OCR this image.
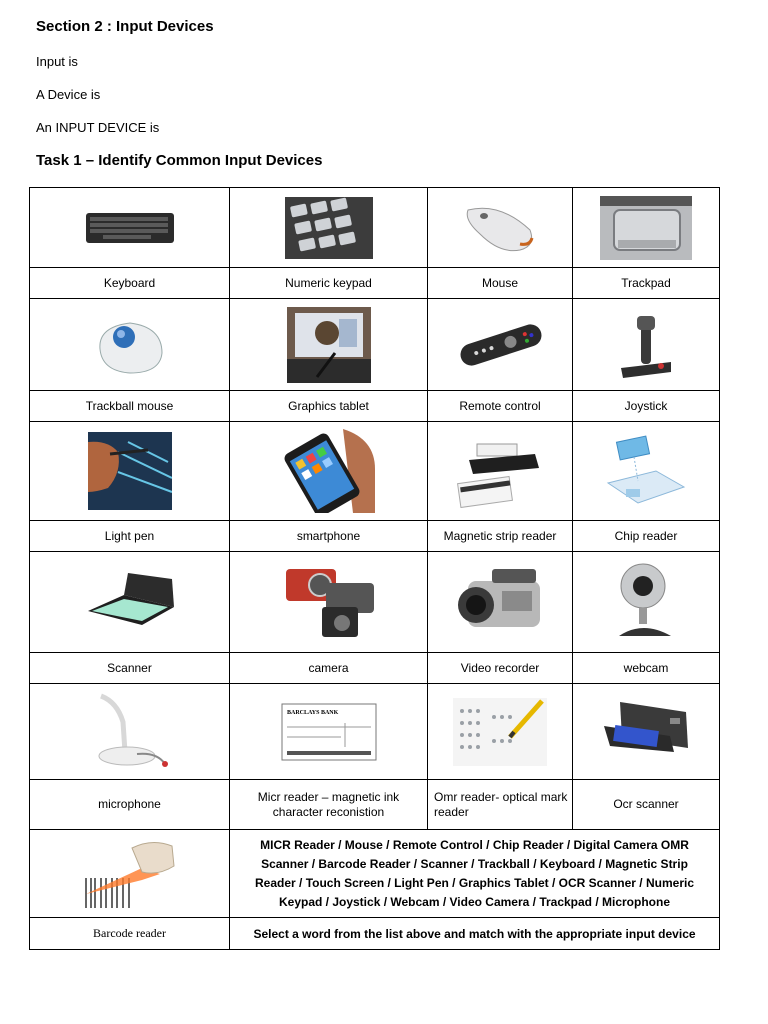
Section 2 : Input Devices
Input is
A Device is
An INPUT DEVICE is
Task 1 – Identify Common Input Devices

Keyboard	Numeric keypad	Mouse	Trackpad

Trackball mouse	Graphics tablet	Remote control	Joystick

Light pen	smartphone	Magnetic strip reader	Chip reader

Scanner	camera	Video recorder	webcam

BARCLAYS BANK

microphone	Micr reader – magnetic ink character reconistion	Omr reader- optical mark reader	Ocr scanner

	MICR Reader / Mouse / Remote Control / Chip Reader / Digital Camera OMR Scanner / Barcode Reader / Scanner / Trackball / Keyboard / Magnetic Strip Reader / Touch Screen / Light Pen / Graphics Tablet / OCR Scanner / Numeric Keypad / Joystick / Webcam / Video Camera / Trackpad / Microphone		
Barcode reader	Select a word from the list above and match with the appropriate input device		
